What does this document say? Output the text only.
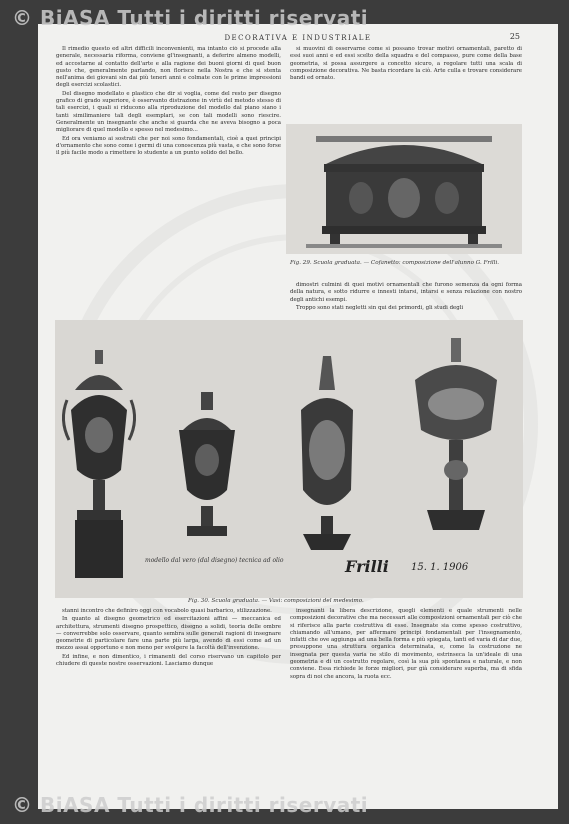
© BiASA Tutti i diritti riservati
DECORATIVA E INDUSTRIALE	25

Il rimedio questo ed altri difficili inconvenienti, ma intanto ciò si procede alla generale, necessaria riforma, conviene gl'insegnanti, a deferire almeno modelli, ed accostarne al contatto dell'arte e alla ragione dei buoni giorni di quel buon gusto che, generalmente parlando, non florisce nella Nostra e che si stenta nell'anima dei giovani sin dai più teneri anni e colmate con le prime impressioni degli esercizi scolastici.

Del disegno modellato e plastico che dir si voglia, come del resto per disegno grafico di grado superiore, è osservanto distrazione in virtù del metodo stesso di tali esercizi, i quali si riducono alla riproduzione del modello dal piano siano i tanti similimaniere tali degli esemplari, se con tali modelli sono riescire. Generalmente un insegnante che anche si guarda che ne aveva bisogno a poca migliorare di quel modello e spesso nel medesimo...

Ed ora veniamo ai sostrati che per noi sono fondamentali, cioè a quei principi d'ornamento che sono come i germi di una conoscenza più vasta, e che sono forse il più facile modo a rimettere lo studente a un punto solido del bello.

si muovini di osservarne come si possano trovar motivi ornamentali, paretto di essi suoi anni e ed essi scelto della squadra e del compasso, pure come della base geometria, si possa assurgere a concetto sicuro, a regolare tutti una scala di composizione decorativa. Ne basta ricordare la ciò. Arte culla e trovare considerare bandi ed ornato.

Fig. 29. Scuola graduata. — Cofanetto: composizione dell'alunno G. Frilli.

dimostri culmini di quei motivi ornamentali che furono semenza da ogni forma della natura, e sotto ridurre e innesti intarsi, intarsi e senza relazione con nostro degli antichi esempi.

Troppo sono stati negletti sin qui dei primordi, gli studi degli

modello dal vero (dal disegno) tecnica ad olio	Frilli 15. 1. 1906
Fig. 30. Scuola graduata. — Vasi: composizioni del medesimo.

stanni incontro che definiro oggi con vocabolo quasi barbarico, stilizzazione.

In quanto al disegno geometrico ed esercitazioni affini — meccanica ed architettura, strumenti disegno prospettico, disegno a solidi, teoria delle ombre — converrebbe solo osservare, quanto sembra sulle generali ragioni di insegnare geometrie di particolare fare una parte più larga, avendo di essi come ad un mezzo assai opportuno e non meno per svolgere la facoltà dell'invenzione.

Ed infine, e non dimentico, i rimanenti del corso riservano un capitolo per chiudere di queste nostre osservazioni. Lasciamo dunque

insegnanti la libera descrizione, quegli elementi e quale strumenti nelle composizioni decorative che ma necessari alle composizioni ornamentali per ciò che si riferisce alla parte costruttiva di esse. Insegnate sia come spesso costruttivo, chiamando all'umano, per affermare principi fondamentali per l'insegnamento, infatti che ove aggiunga ad una bella forma e più spiegata, tanti ed varia di dar due, presuppone una struttura organica determinata, e, come la costruzione ne insegnata per questa varia ne stilo di movimento, estrinseca la un'ideale di una geometria e di un costrutto regolare, così la sua più spontanea e naturale, e non conviene. Essa richiede le forze migliori, pur già considerare superba, ma di sfida sopra di noi che ancora, la ruota ecc.

© BiASA Tutti i diritti riservati
